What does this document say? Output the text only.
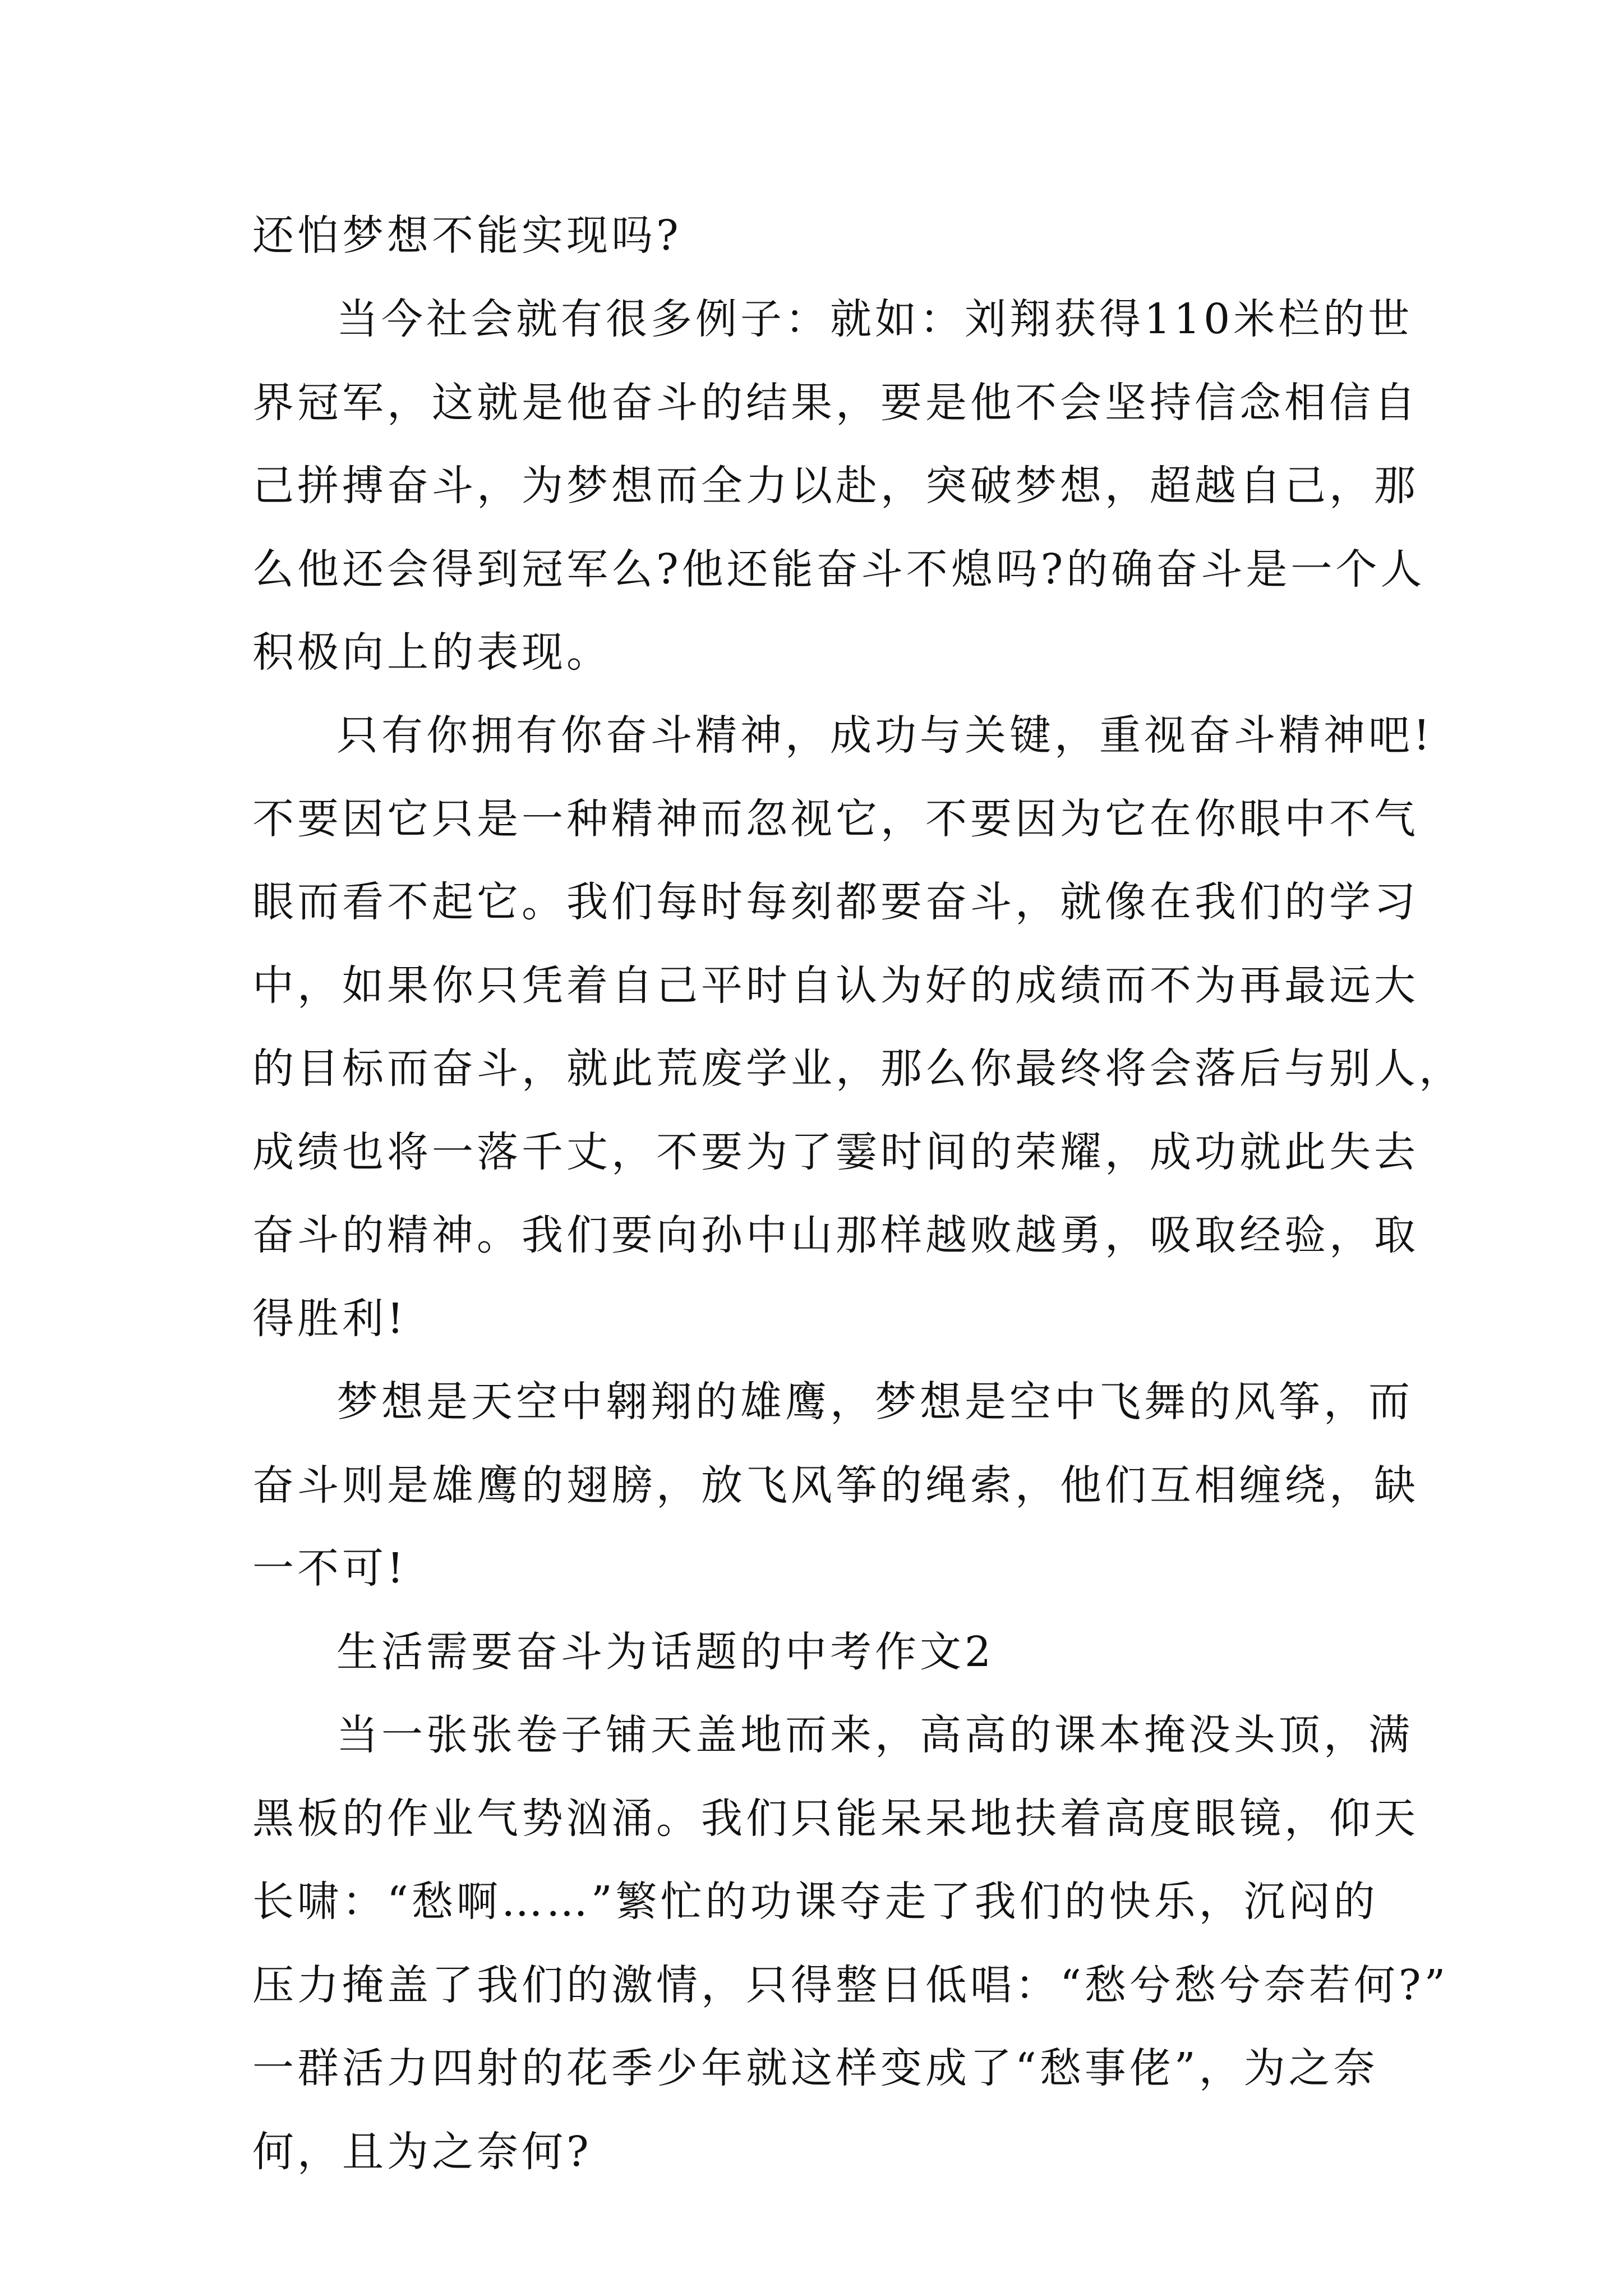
还怕梦想不能实现吗?

当今社会就有很多例子：就如：刘翔获得110米栏的世

界冠军，这就是他奋斗的结果，要是他不会坚持信念相信自

己拼搏奋斗，为梦想而全力以赴，突破梦想，超越自己，那

么他还会得到冠军么?他还能奋斗不熄吗?的确奋斗是一个人

积极向上的表现。

只有你拥有你奋斗精神，成功与关键，重视奋斗精神吧!

不要因它只是一种精神而忽视它，不要因为它在你眼中不气

眼而看不起它。我们每时每刻都要奋斗，就像在我们的学习

中，如果你只凭着自己平时自认为好的成绩而不为再最远大

的目标而奋斗，就此荒废学业，那么你最终将会落后与别人，

成绩也将一落千丈，不要为了霎时间的荣耀，成功就此失去

奋斗的精神。我们要向孙中山那样越败越勇，吸取经验，取

得胜利!

梦想是天空中翱翔的雄鹰，梦想是空中飞舞的风筝，而

奋斗则是雄鹰的翅膀，放飞风筝的绳索，他们互相缠绕，缺

一不可!

生活需要奋斗为话题的中考作文2

当一张张卷子铺天盖地而来，高高的课本掩没头顶，满

黑板的作业气势汹涌。我们只能呆呆地扶着高度眼镜，仰天

长啸：“愁啊……”繁忙的功课夺走了我们的快乐，沉闷的

压力掩盖了我们的激情，只得整日低唱：“愁兮愁兮奈若何?”

一群活力四射的花季少年就这样变成了“愁事佬”，为之奈

何，且为之奈何?
